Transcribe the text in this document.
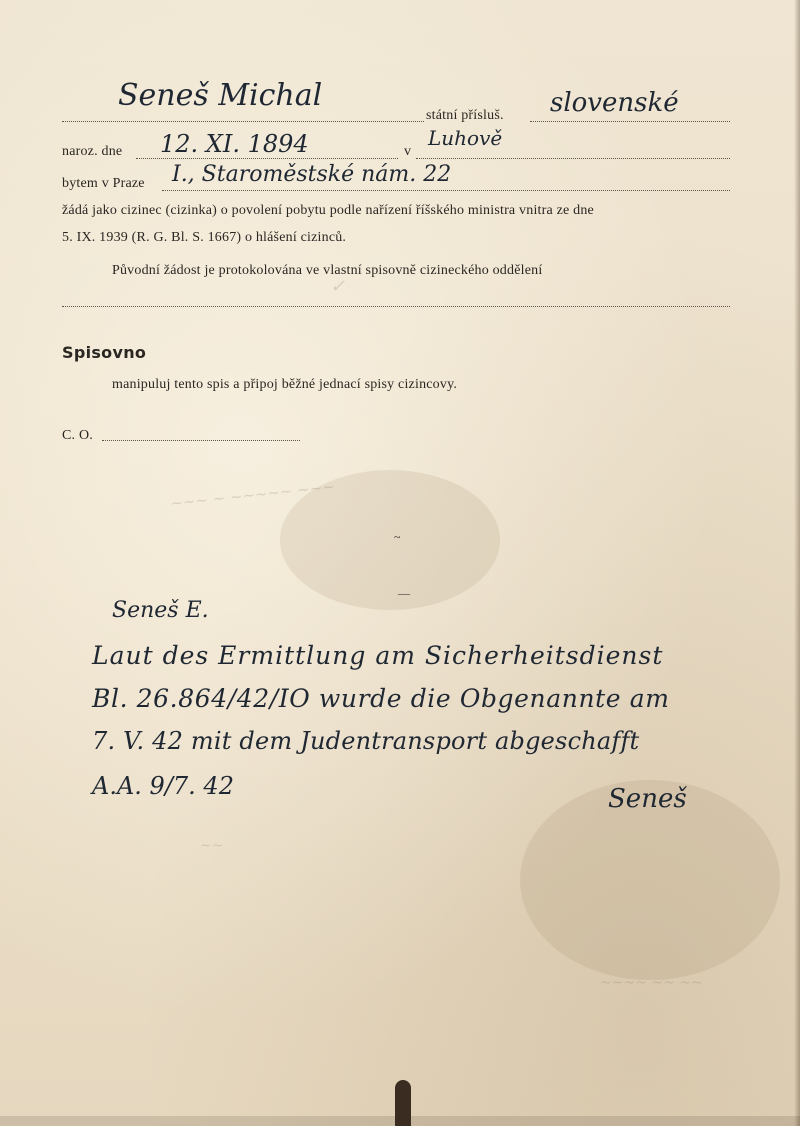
Seneš Michal
státní přísluš. slovenské
naroz. dne 12. XI. 1894	v
Luhově
bytem v Praze I., Staroměstské nám. 22
žádá jako cizinec (cizinka) o povolení pobytu podle nařízení říšského ministra vnitra ze dne
5. IX. 1939 (R. G. Bl. S. 1667) o hlášení cizinců.
Původní žádost je protokolována ve vlastní spisovně cizineckého oddělení
✓
Spisovno
manipuluj tento spis a připoj běžné jednací spisy cizincovy.
C. O.
~~~ ~ ~~~~~ ~~~
~
—
Seneš E.
Laut des Ermittlung am Sicherheitsdienst
Bl. 26.864/42/IO wurde die Obgenannte am
7. V. 42 mit dem Judentransport abgeschafft
A.A. 9/7. 42	Seneš
~~
~~~~ ~~ ~~
